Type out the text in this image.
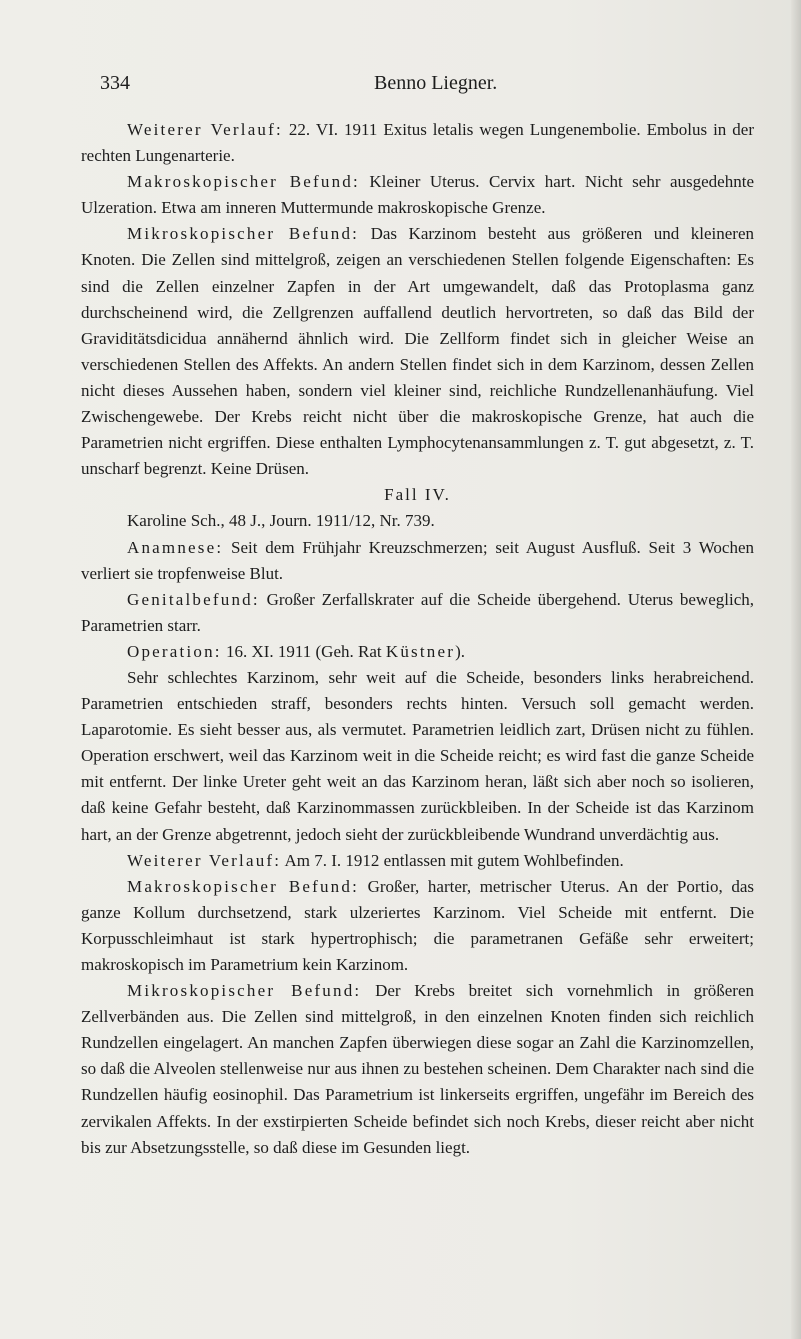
334	Benno Liegner.

Weiterer Verlauf: 22. VI. 1911 Exitus letalis wegen Lungenembolie. Embolus in der rechten Lungenarterie.

Makroskopischer Befund: Kleiner Uterus. Cervix hart. Nicht sehr ausgedehnte Ulzeration. Etwa am inneren Muttermunde makroskopische Grenze.

Mikroskopischer Befund: Das Karzinom besteht aus größeren und kleineren Knoten. Die Zellen sind mittelgroß, zeigen an verschiedenen Stellen folgende Eigenschaften: Es sind die Zellen einzelner Zapfen in der Art umgewandelt, daß das Protoplasma ganz durchscheinend wird, die Zellgrenzen auffallend deutlich hervortreten, so daß das Bild der Graviditätsdicidua annähernd ähnlich wird. Die Zellform findet sich in gleicher Weise an verschiedenen Stellen des Affekts. An andern Stellen findet sich in dem Karzinom, dessen Zellen nicht dieses Aussehen haben, sondern viel kleiner sind, reichliche Rundzellenanhäufung. Viel Zwischengewebe. Der Krebs reicht nicht über die makroskopische Grenze, hat auch die Parametrien nicht ergriffen. Diese enthalten Lymphocytenansammlungen z. T. gut abgesetzt, z. T. unscharf begrenzt. Keine Drüsen.

Fall IV.

Karoline Sch., 48 J., Journ. 1911/12, Nr. 739.

Anamnese: Seit dem Frühjahr Kreuzschmerzen; seit August Ausfluß. Seit 3 Wochen verliert sie tropfenweise Blut.

Genitalbefund: Großer Zerfallskrater auf die Scheide übergehend. Uterus beweglich, Parametrien starr.

Operation: 16. XI. 1911 (Geh. Rat Küstner).

Sehr schlechtes Karzinom, sehr weit auf die Scheide, besonders links herabreichend. Parametrien entschieden straff, besonders rechts hinten. Versuch soll gemacht werden. Laparotomie. Es sieht besser aus, als vermutet. Parametrien leidlich zart, Drüsen nicht zu fühlen. Operation erschwert, weil das Karzinom weit in die Scheide reicht; es wird fast die ganze Scheide mit entfernt. Der linke Ureter geht weit an das Karzinom heran, läßt sich aber noch so isolieren, daß keine Gefahr besteht, daß Karzinommassen zurückbleiben. In der Scheide ist das Karzinom hart, an der Grenze abgetrennt, jedoch sieht der zurückbleibende Wundrand unverdächtig aus.

Weiterer Verlauf: Am 7. I. 1912 entlassen mit gutem Wohlbefinden.

Makroskopischer Befund: Großer, harter, metrischer Uterus. An der Portio, das ganze Kollum durchsetzend, stark ulzeriertes Karzinom. Viel Scheide mit entfernt. Die Korpusschleimhaut ist stark hypertrophisch; die parametranen Gefäße sehr erweitert; makroskopisch im Parametrium kein Karzinom.

Mikroskopischer Befund: Der Krebs breitet sich vornehmlich in größeren Zellverbänden aus. Die Zellen sind mittelgroß, in den einzelnen Knoten finden sich reichlich Rundzellen eingelagert. An manchen Zapfen überwiegen diese sogar an Zahl die Karzinomzellen, so daß die Alveolen stellenweise nur aus ihnen zu bestehen scheinen. Dem Charakter nach sind die Rundzellen häufig eosinophil. Das Parametrium ist linkerseits ergriffen, ungefähr im Bereich des zervikalen Affekts. In der exstirpierten Scheide befindet sich noch Krebs, dieser reicht aber nicht bis zur Absetzungsstelle, so daß diese im Gesunden liegt.
